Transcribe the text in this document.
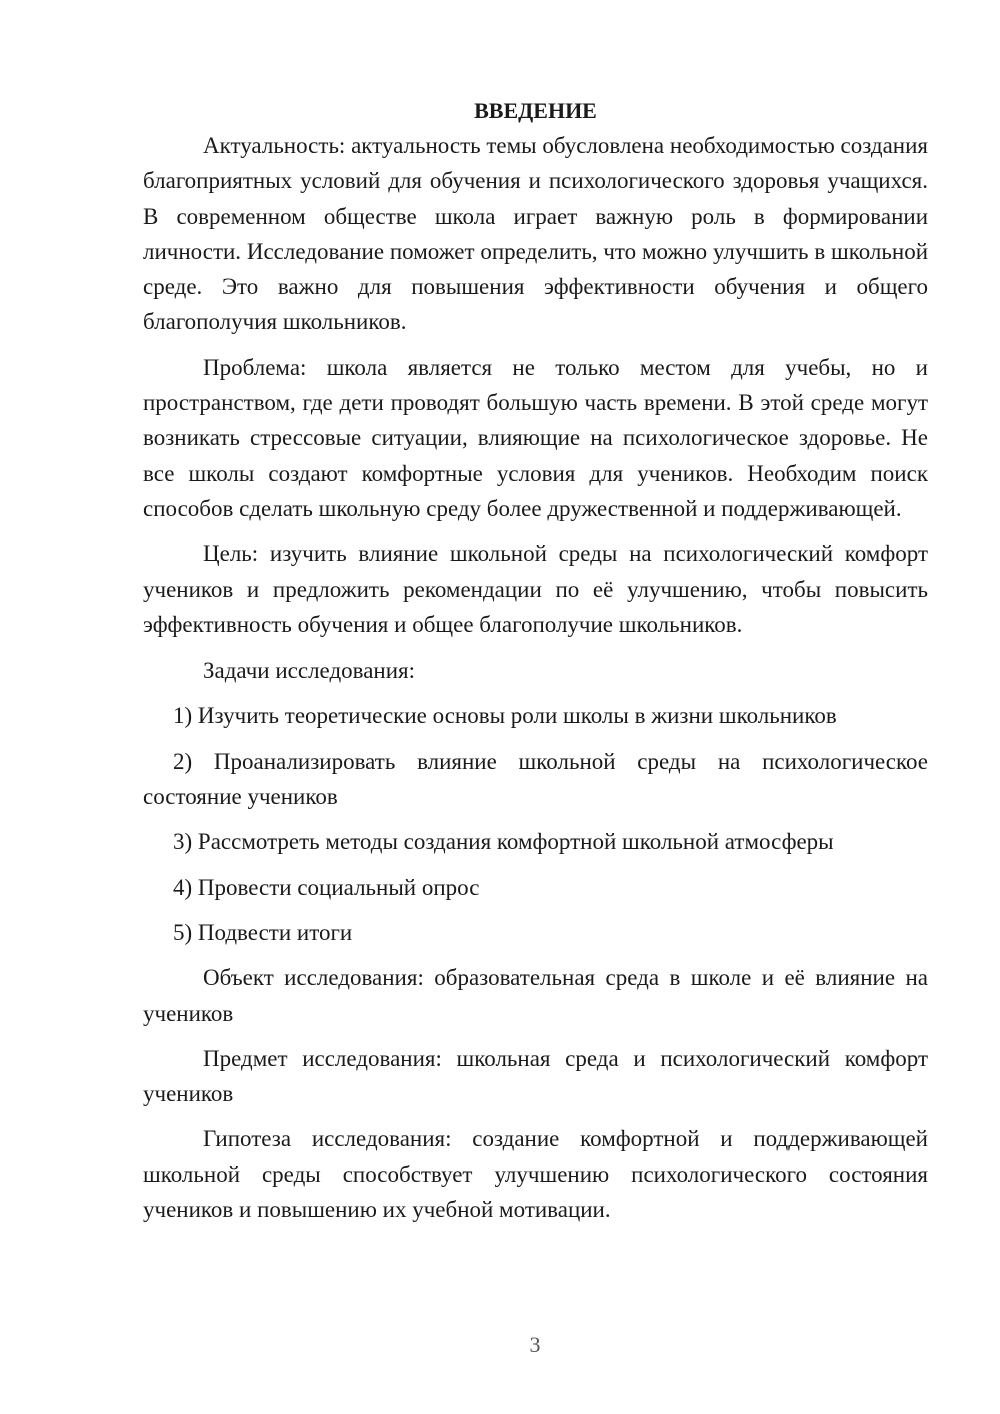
ВВЕДЕНИЕ

Актуальность: актуальность темы обусловлена необходимостью создания благоприятных условий для обучения и психологического здоровья учащихся. В современном обществе школа играет важную роль в формировании личности. Исследование поможет определить, что можно улучшить в школьной среде. Это важно для повышения эффективности обучения и общего благополучия школьников.

Проблема: школа является не только местом для учебы, но и пространством, где дети проводят большую часть времени. В этой среде могут возникать стрессовые ситуации, влияющие на психологическое здоровье. Не все школы создают комфортные условия для учеников. Необходим поиск способов сделать школьную среду более дружественной и поддерживающей.

Цель: изучить влияние школьной среды на психологический комфорт учеников и предложить рекомендации по её улучшению, чтобы повысить эффективность обучения и общее благополучие школьников.

Задачи исследования:

1) Изучить теоретические основы роли школы в жизни школьников

2) Проанализировать влияние школьной среды на психологическое состояние учеников

3) Рассмотреть методы создания комфортной школьной атмосферы

4) Провести социальный опрос

5) Подвести итоги

Объект исследования: образовательная среда в школе и её влияние на учеников

Предмет исследования: школьная среда и психологический комфорт учеников

Гипотеза исследования: создание комфортной и поддерживающей школьной среды способствует улучшению психологического состояния учеников и повышению их учебной мотивации.

3
